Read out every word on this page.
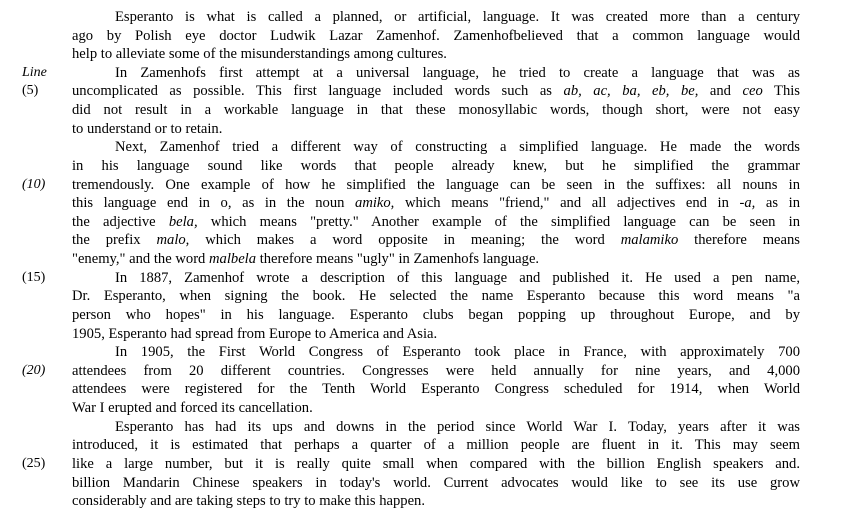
Esperanto is what is called a planned, or artificial, language. It was created more than a century
ago by Polish eye doctor Ludwik Lazar Zamenhof. Zamenhofbelieved that a common language would
help to alleviate some of the misunderstandings among cultures.
In Zamenhofs first attempt at a universal language, he tried to create a language that was as
uncomplicated as possible. This first language included words such as ab, ac, ba, eb, be, and ceo This
did not result in a workable language in that these monosyllabic words, though short, were not easy
to understand or to retain.
Next, Zamenhof tried a different way of constructing a simplified language. He made the words
in his language sound like words that people already knew, but he simplified the grammar
tremendously. One example of how he simplified the language can be seen in the suffixes: all nouns in
this language end in o, as in the noun amiko, which means "friend," and all adjectives end in -a, as in
the adjective bela, which means "pretty." Another example of the simplified language can be seen in
the prefix malo, which makes a word opposite in meaning; the word malamiko therefore means
"enemy," and the word malbela therefore means "ugly" in Zamenhofs language.
In 1887, Zamenhof wrote a description of this language and published it. He used a pen name,
Dr. Esperanto, when signing the book. He selected the name Esperanto because this word means "a
person who hopes" in his language. Esperanto clubs began popping up throughout Europe, and by
1905, Esperanto had spread from Europe to America and Asia.
In 1905, the First World Congress of Esperanto took place in France, with approximately 700
attendees from 20 different countries. Congresses were held annually for nine years, and 4,000
attendees were registered for the Tenth World Esperanto Congress scheduled for 1914, when World
War I erupted and forced its cancellation.
Esperanto has had its ups and downs in the period since World War I. Today, years after it was
introduced, it is estimated that perhaps a quarter of a million people are fluent in it. This may seem
like a large number, but it is really quite small when compared with the billion English speakers and.
billion Mandarin Chinese speakers in today's world. Current advocates would like to see its use grow
considerably and are taking steps to try to make this happen.
Line
(5)
(10)
(15)
(20)
(25)
